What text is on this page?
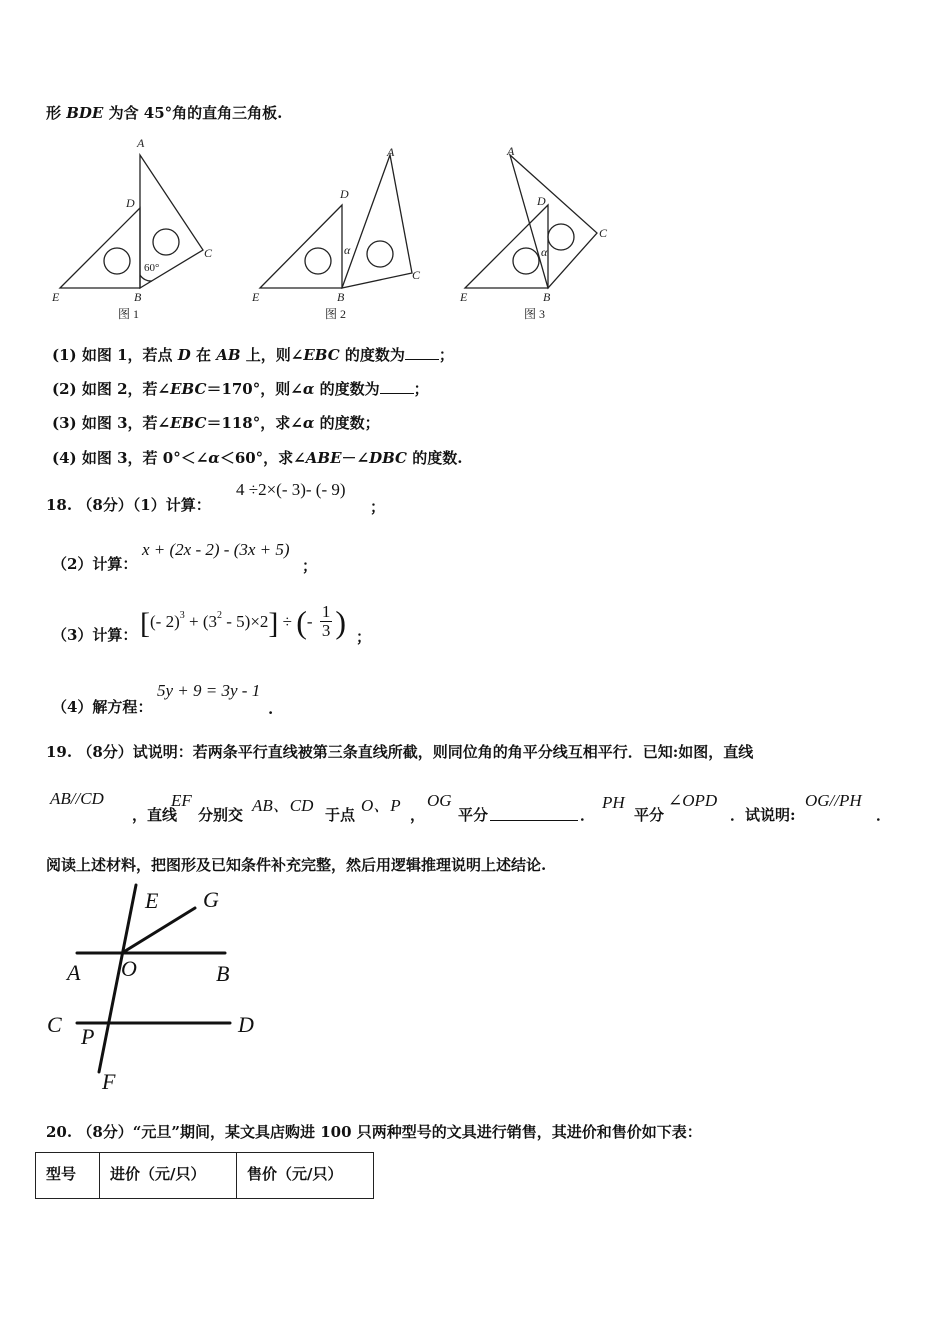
形 BDE 为含 45°角的直角三角板.
A
D
C
E	B
60°
A
D
C
E	B
α
A
D
C
E	B
α
图 1	图 2	图 3
(1) 如图 1，若点 D 在 AB 上，则∠EBC 的度数为 ；
(2) 如图 2，若∠EBC＝170°，则∠α 的度数为 ；
(3) 如图 3，若∠EBC＝118°，求∠α 的度数；
(4) 如图 3，若 0°＜∠α＜60°，求∠ABE－∠DBC 的度数.
18. （8分）（1）计算：
4 ÷2×(- 3)- (- 9)
；
（2）计算：
x + (2x - 2) - (3x + 5)
；
（3）计算： [(- $2)^3 + (3^2 - 5)\times 2$] ÷ (- $\frac{1}{3}$ ) ；
（4）解方程：
5y + 9 = 3y - 1
.
19. （8分）试说明：若两条平行直线被第三条直线所截，则同位角的角平分线互相平行．已知:如图，直线
AB//CD
，直线
EF
分别交 AB、CD 于点 O、P ，
OG
平分	．
PH
平分
∠OPD
．试说明:
OG//PH
．
阅读上述材料，把图形及已知条件补充完整，然后用逻辑推理说明上述结论.
E G
A O	B
C P	D
F
20. （8分）“元旦”期间，某文具店购进 100 只两种型号的文具进行销售，其进价和售价如下表：
型号	进价（元/只）	售价（元/只）
